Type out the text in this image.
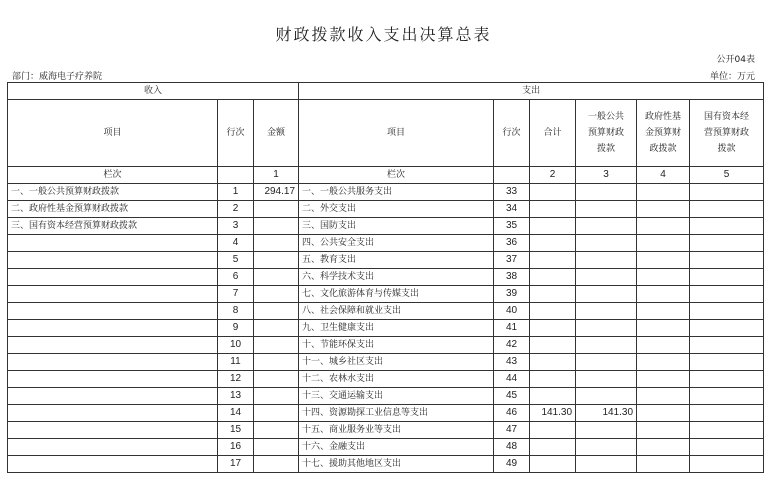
财政拨款收入支出决算总表
公开04表
部门：威海电子疗养院	单位：万元
收入			支出					
项目	行次	金额	项目	行次	合计	一般公共预算财政拨款	政府性基金预算财政拨款	国有资本经营预算财政拨款
栏次		1	栏次		2	3	4	5
一、一般公共预算财政拨款	1	294.17	一、一般公共服务支出	33				
二、政府性基金预算财政拨款	2		二、外交支出	34				
三、国有资本经营预算财政拨款	3		三、国防支出	35				
	4		四、公共安全支出	36				
	5		五、教育支出	37				
	6		六、科学技术支出	38				
	7		七、文化旅游体育与传媒支出	39				
	8		八、社会保障和就业支出	40				
	9		九、卫生健康支出	41				
	10		十、节能环保支出	42				
	11		十一、城乡社区支出	43				
	12		十二、农林水支出	44				
	13		十三、交通运输支出	45				
	14		十四、资源勘探工业信息等支出	46	141.30	141.30		
	15		十五、商业服务业等支出	47				
	16		十六、金融支出	48				
	17		十七、援助其他地区支出	49				
